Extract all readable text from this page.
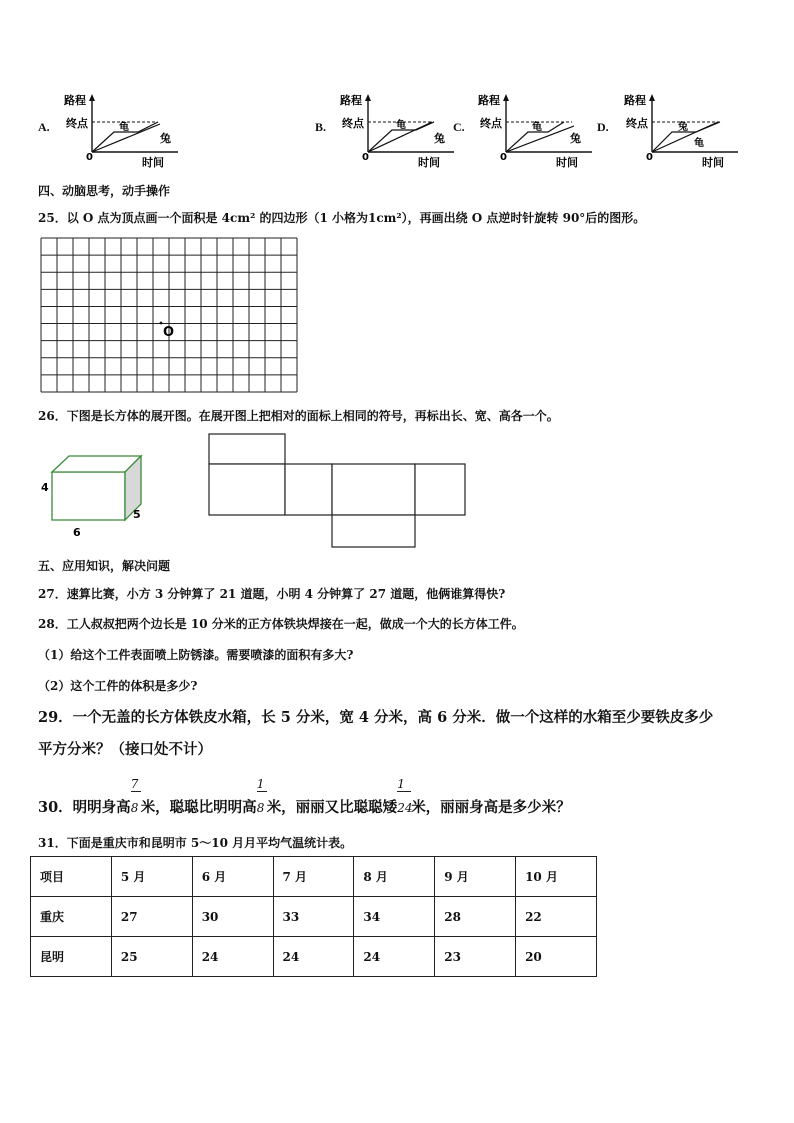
A.
路程
终点
0	时间
龟
兔
B.
路程
终点
0	时间
龟
兔
C.
路程
终点
0	时间
龟
兔
D.
路程
终点
0	时间
兔
龟
四、动脑思考，动手操作
25．以 O 点为顶点画一个面积是 4cm² 的四边形（1 小格为1cm²），再画出绕 O 点逆时针旋转 90°后的图形。
O
26．下图是长方体的展开图。在展开图上把相对的面标上相同的符号，再标出长、宽、高各一个。
4
6
5
五、应用知识，解决问题
27．速算比赛，小方 3 分钟算了 21 道题，小明 4 分钟算了 27 道题，他俩谁算得快?
28．工人叔叔把两个边长是 10 分米的正方体铁块焊接在一起，做成一个大的长方体工件。
（1）给这个工件表面喷上防锈漆。需要喷漆的面积有多大?
（2）这个工件的体积是多少?
29．一个无盖的长方体铁皮水箱，长 5 分米，宽 4 分米，高 6 分米．做一个这样的水箱至少要铁皮多少
平方分米？（接口处不计）
30．明明身高 $\frac{7}{8}$米，聪聪比明明高 $\frac{1}{8}$米，丽丽又比聪聪矮 $\frac{1}{24}$米，丽丽身高是多少米？
31．下面是重庆市和昆明市 5～10 月月平均气温统计表。
项目	5 月	6 月	7 月	8 月	9 月	10 月
重庆	27	30	33	34	28	22
昆明	25	24	24	24	23	20
